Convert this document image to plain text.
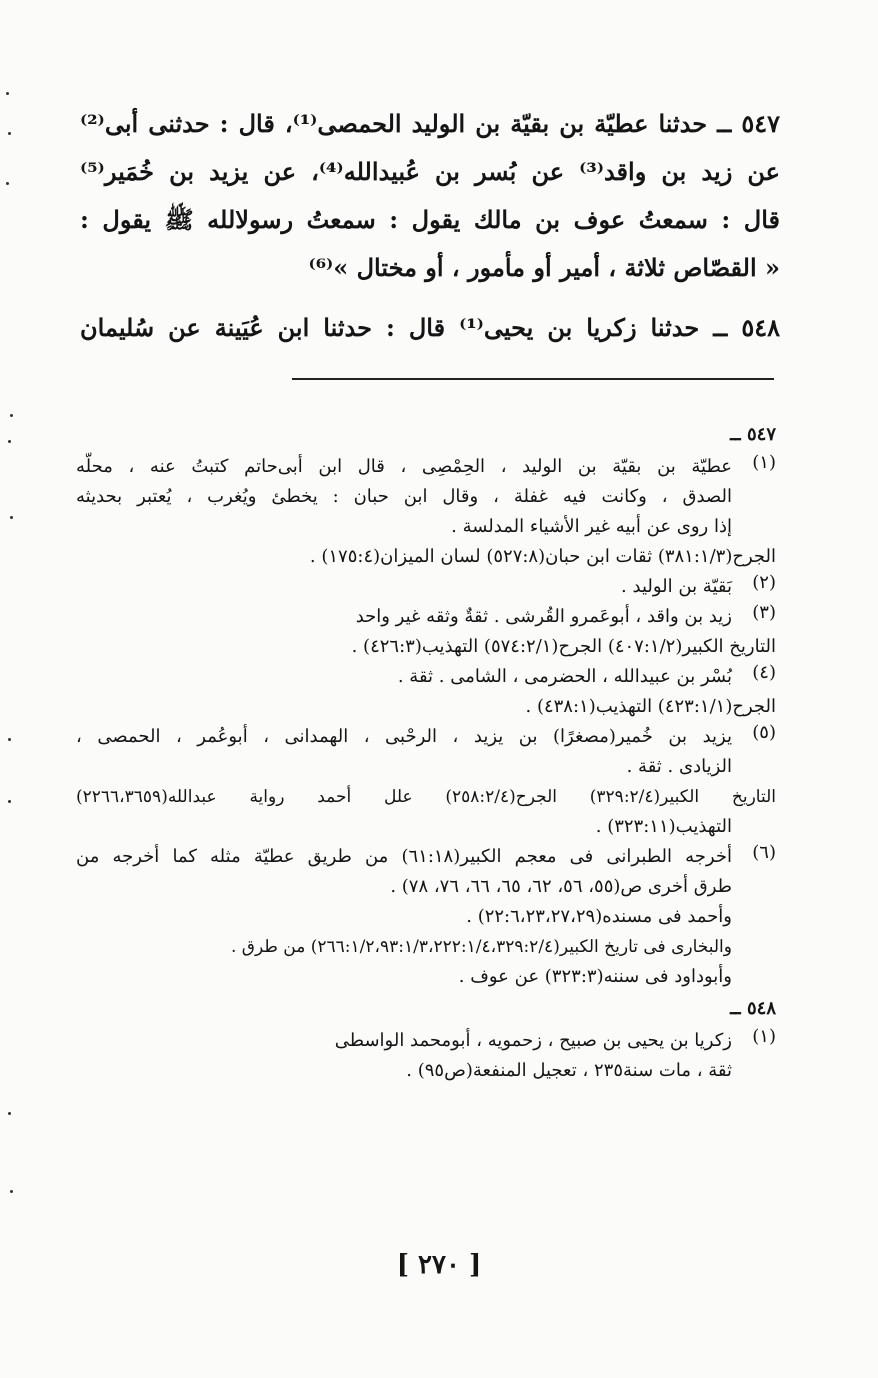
٥٤٧ ــ حدثنا عطيّة بن بقيّة بن الوليد الحمصى⁽¹⁾، قال : حدثنى أبى⁽²⁾
عن زيد بن واقد⁽³⁾ عن بُسر بن عُبيدالله⁽⁴⁾، عن يزيد بن خُمَير⁽⁵⁾
قال : سمعتُ عوف بن مالك يقول : سمعتُ رسولالله ﷺ يقول :
« القصّاص ثلاثة ، أمير أو مأمور ، أو مختال »⁽⁶⁾
٥٤٨ ــ حدثنا زكريا بن يحيى⁽¹⁾ قال : حدثنا ابن عُيَينة عن سُليمان
٥٤٧ ــ
(١)
عطيّة بن بقيّة بن الوليد ، الحِمْصِى ، قال ابن أبى‌حاتم كتبتُ عنه ، محلّه
الصدق ، وكانت فيه غفلة ، وقال ابن حبان : يخطئ ويُغرب ، يُعتبر بحديثه
إذا روى عن أبيه غير الأشياء المدلسة .
الجرح(٣٨١:١/٣) ثقات ابن حبان(٥٢٧:٨) لسان الميزان(١٧٥:٤) .
(٢)
بَقيّة بن الوليد .
(٣)
زيد بن واقد ، أبوعَمرو القُرشى . ثقةٌ وثقه غير واحد
التاريخ الكبير(٤٠٧:١/٢) الجرح(٥٧٤:٢/١) التهذيب(٤٢٦:٣) .
(٤)
بُسْر بن عبيدالله ، الحضرمى ، الشامى . ثقة .
الجرح(٤٢٣:١/١) التهذيب(٤٣٨:١) .
(٥)
يزيد بن خُمير(مصغرًا) بن يزيد ، الرحْبى ، الهمدانى ، أبوعُمر ، الحمصى ،
الزيادى . ثقة .
التاريخ الكبير(٣٢٩:٢/٤) الجرح(٢٥٨:٢/٤) علل أحمد رواية عبدالله(٢٢٦٦،٣٦٥٩)
التهذيب(٣٢٣:١١) .
(٦)
أخرجه الطبرانى فى معجم الكبير(٦١:١٨) من طريق عطيّة مثله كما أخرجه من
طرق أخرى ص(٥٥، ٥٦، ٦٢، ٦٥، ٦٦، ٧٦، ٧٨) .
وأحمد فى مسنده(٢٢:٦،٢٣،٢٧،٢٩) .
والبخارى فى تاريخ الكبير(٢٦٦:١/٢،٩٣:١/٣،٢٢٢:١/٤،٣٢٩:٢/٤) من طرق .
وأبوداود فى سننه(٣٢٣:٣) عن عوف .
٥٤٨ ــ
(١)
زكريا بن يحيى بن صبيح ، زحمويه ، أبومحمد الواسطى
ثقة ، مات سنة٢٣٥ ، تعجيل المنفعة(ص٩٥) .
[ ٢٧٠ ]
